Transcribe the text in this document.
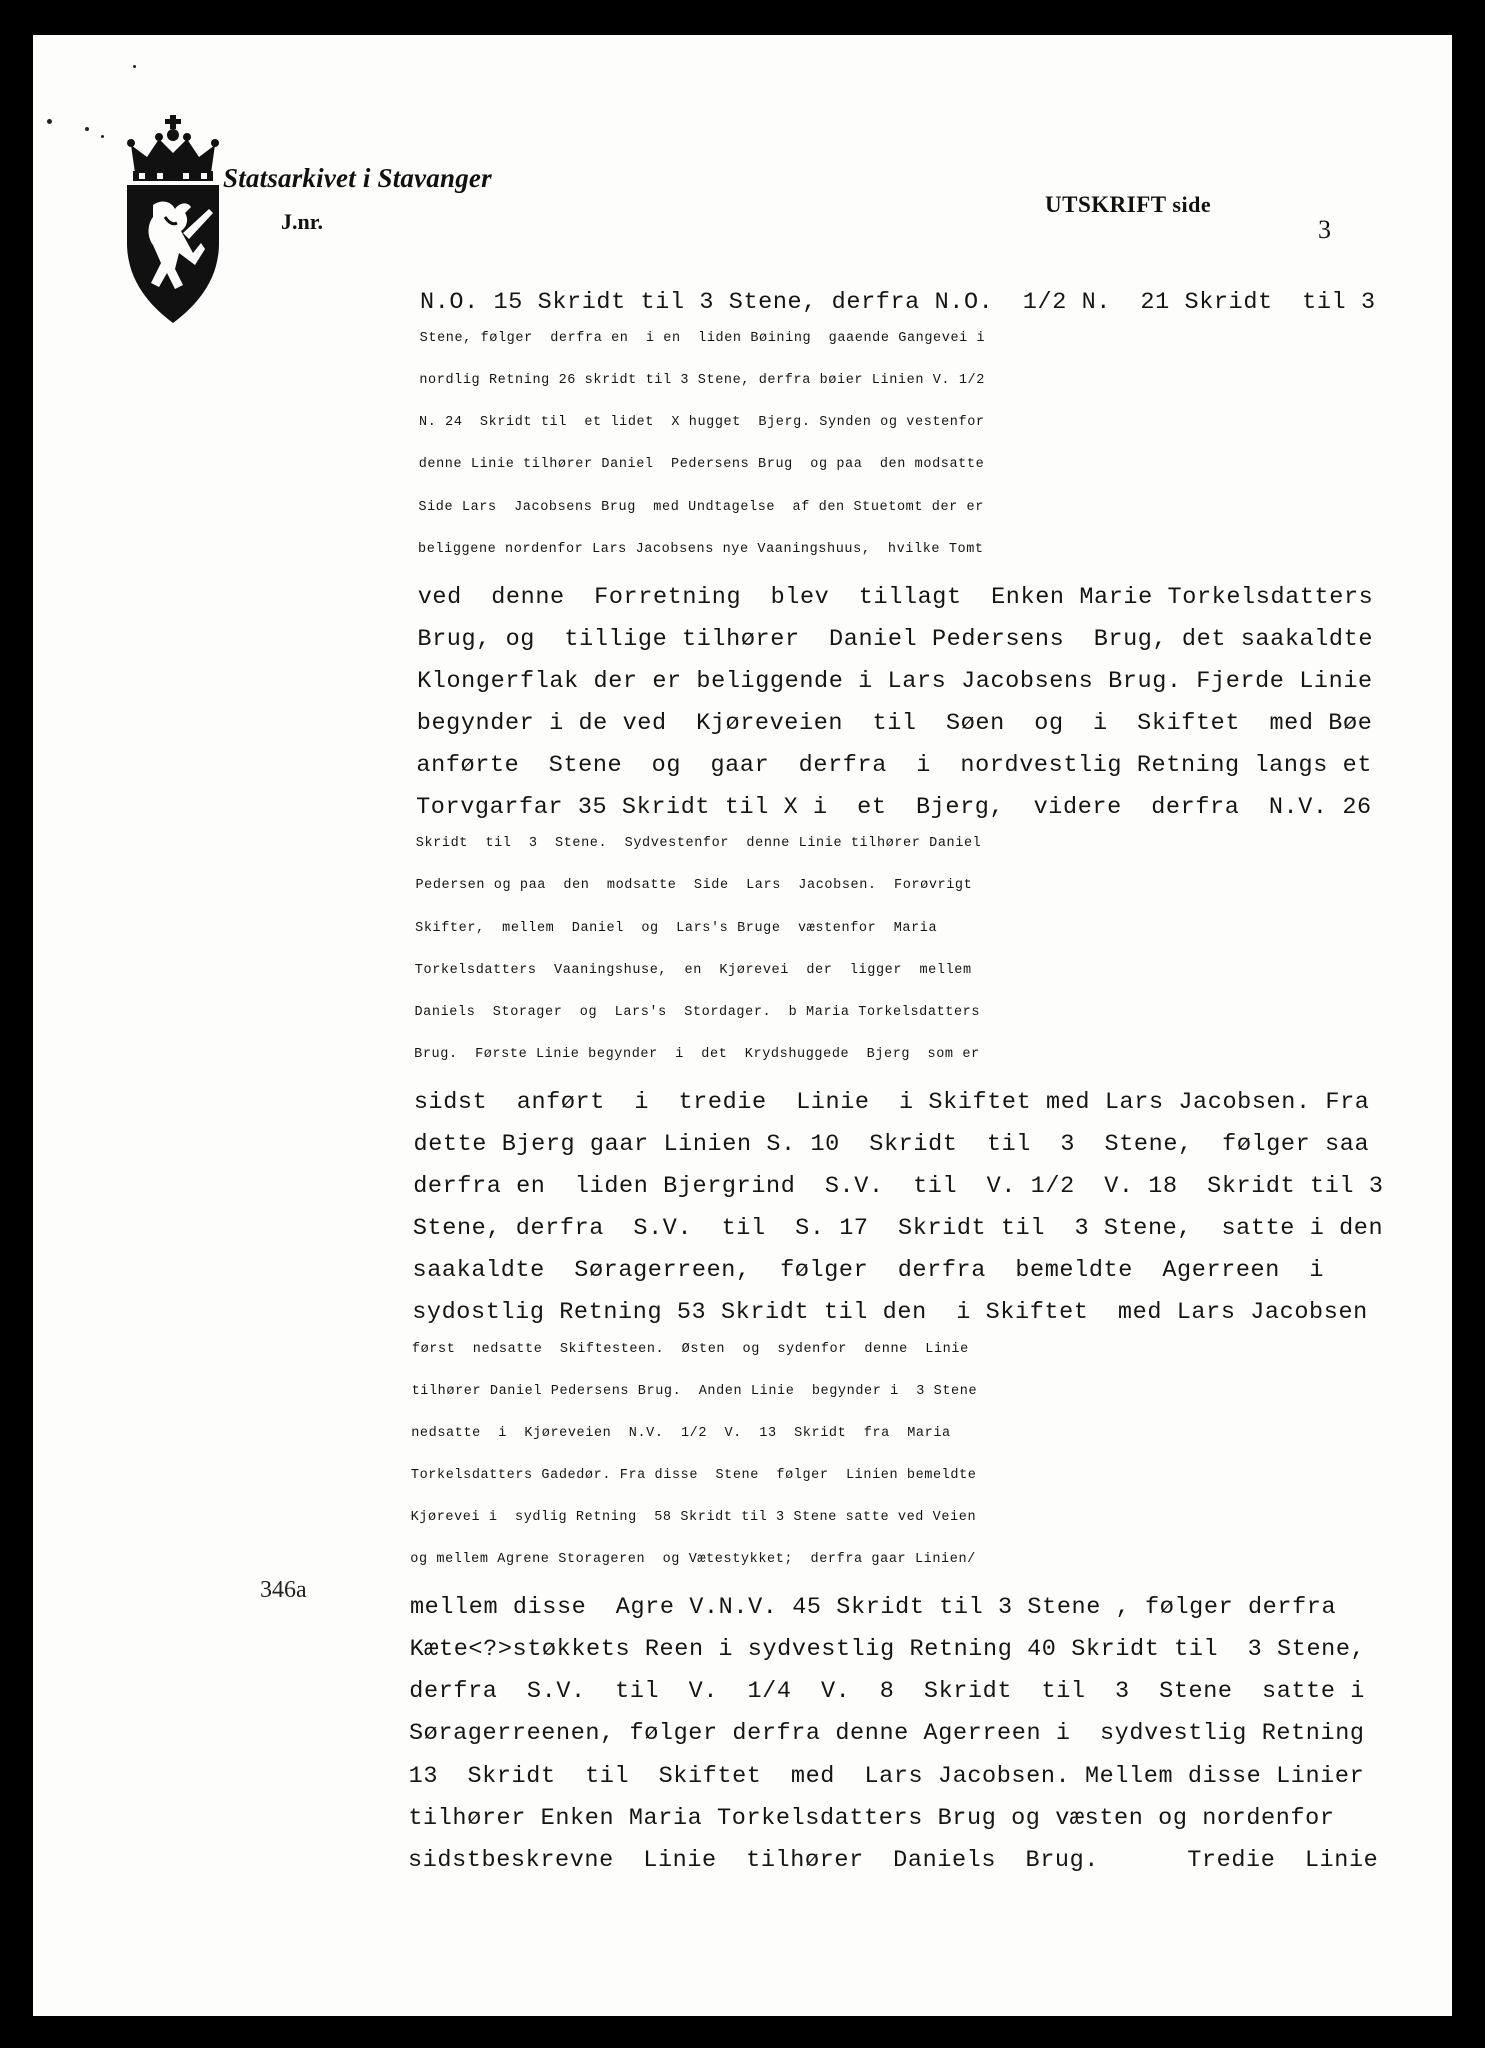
Statsarkivet i Stavanger
J.nr.
UTSKRIFT side
3
346a
N.O. 15 Skridt til 3 Stene, derfra N.O.  1/2 N.  21 Skridt  til 3
Stene, følger  derfra en  i en  liden Bøining  gaaende Gangevei i
nordlig Retning 26 skridt til 3 Stene, derfra bøier Linien V. 1/2
N. 24  Skridt til  et lidet  X hugget  Bjerg. Synden og vestenfor
denne Linie tilhører Daniel  Pedersens Brug  og paa  den modsatte
Side Lars  Jacobsens Brug  med Undtagelse  af den Stuetomt der er
beliggene nordenfor Lars Jacobsens nye Vaaningshuus,  hvilke Tomt
ved  denne  Forretning  blev  tillagt  Enken Marie Torkelsdatters
Brug, og  tillige tilhører  Daniel Pedersens  Brug, det saakaldte
Klongerflak der er beliggende i Lars Jacobsens Brug. Fjerde Linie
begynder i de ved  Kjøreveien  til  Søen  og  i  Skiftet  med Bøe
anførte  Stene  og  gaar  derfra  i  nordvestlig Retning langs et
Torvgarfar 35 Skridt til X i  et  Bjerg,  videre  derfra  N.V. 26
Skridt  til  3  Stene.  Sydvestenfor  denne Linie tilhører Daniel
Pedersen og paa  den  modsatte  Side  Lars  Jacobsen.  Forøvrigt
Skifter,  mellem  Daniel  og  Lars's Bruge  væstenfor  Maria
Torkelsdatters  Vaaningshuse,  en  Kjørevei  der  ligger  mellem
Daniels  Storager  og  Lars's  Stordager.  b Maria Torkelsdatters
Brug.  Første Linie begynder  i  det  Krydshuggede  Bjerg  som er
sidst  anført  i  tredie  Linie  i Skiftet med Lars Jacobsen. Fra
dette Bjerg gaar Linien S. 10  Skridt  til  3  Stene,  følger saa
derfra en  liden Bjergrind  S.V.  til  V. 1/2  V. 18  Skridt til 3
Stene, derfra  S.V.  til  S. 17  Skridt til  3 Stene,  satte i den
saakaldte  Søragerreen,  følger  derfra  bemeldte  Agerreen  i
sydostlig Retning 53 Skridt til den  i Skiftet  med Lars Jacobsen
først  nedsatte  Skiftesteen.  Østen  og  sydenfor  denne  Linie
tilhører Daniel Pedersens Brug.  Anden Linie  begynder i  3 Stene
nedsatte  i  Kjøreveien  N.V.  1/2  V.  13  Skridt  fra  Maria
Torkelsdatters Gadedør. Fra disse  Stene  følger  Linien bemeldte
Kjørevei i  sydlig Retning  58 Skridt til 3 Stene satte ved Veien
og mellem Agrene Storageren  og Vætestykket;  derfra gaar Linien/
mellem disse  Agre V.N.V. 45 Skridt til 3 Stene , følger derfra
Kæte<?>støkkets Reen i sydvestlig Retning 40 Skridt til  3 Stene,
derfra  S.V.  til  V.  1/4  V.  8  Skridt  til  3  Stene  satte i
Søragerreenen, følger derfra denne Agerreen i  sydvestlig Retning
13  Skridt  til  Skiftet  med  Lars Jacobsen. Mellem disse Linier
tilhører Enken Maria Torkelsdatters Brug og væsten og nordenfor
sidstbeskrevne  Linie  tilhører  Daniels  Brug.      Tredie  Linie
